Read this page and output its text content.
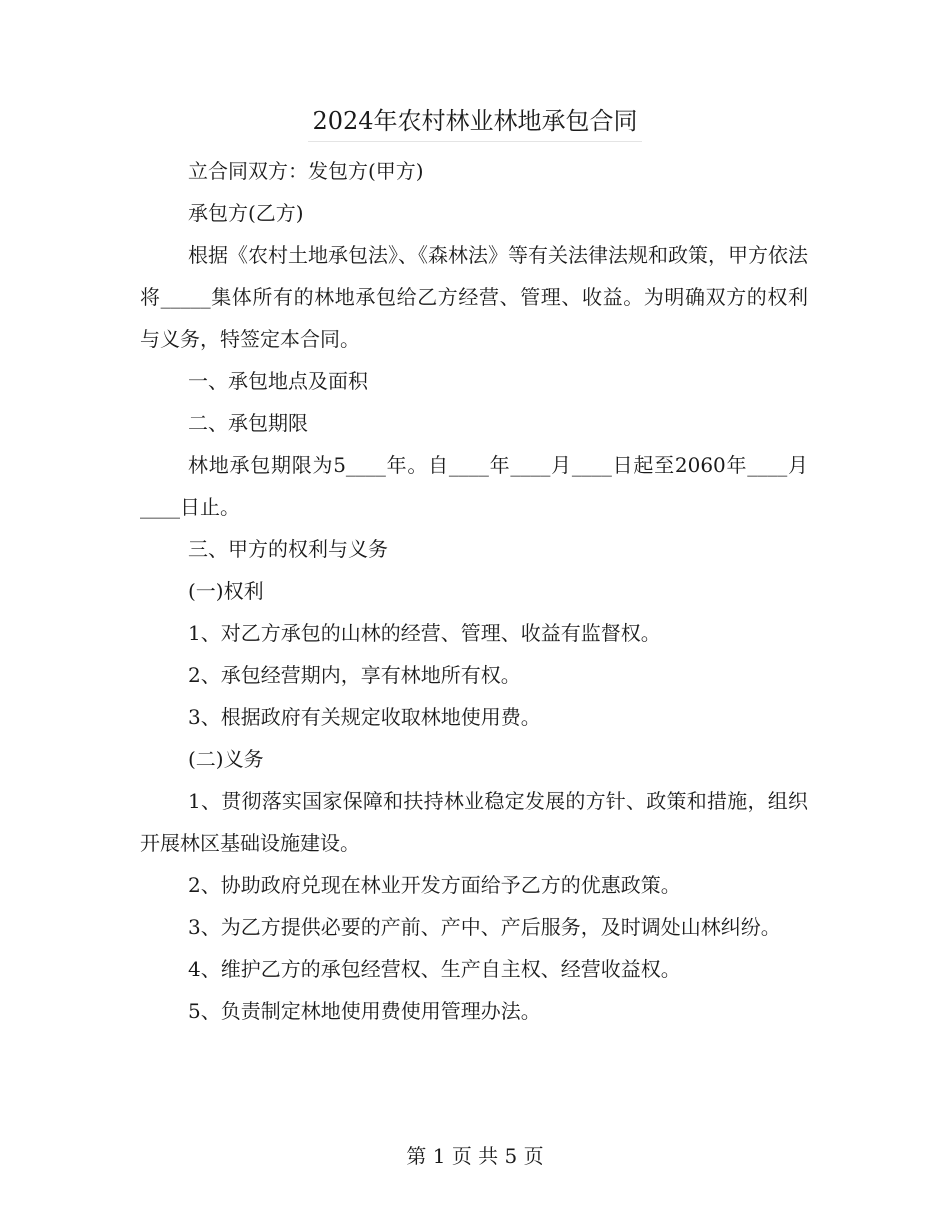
2024年农村林业林地承包合同

立合同双方：发包方(甲方)

承包方(乙方)

根据《农村土地承包法》、《森林法》等有关法律法规和政策，甲方依法将_____集体所有的林地承包给乙方经营、管理、收益。为明确双方的权利与义务，特签定本合同。

一、承包地点及面积

二、承包期限

林地承包期限为5____年。自____年____月____日起至2060年____月____日止。

三、甲方的权利与义务

(一)权利

1、对乙方承包的山林的经营、管理、收益有监督权。

2、承包经营期内，享有林地所有权。

3、根据政府有关规定收取林地使用费。

(二)义务

1、贯彻落实国家保障和扶持林业稳定发展的方针、政策和措施，组织开展林区基础设施建设。

2、协助政府兑现在林业开发方面给予乙方的优惠政策。

3、为乙方提供必要的产前、产中、产后服务，及时调处山林纠纷。

4、维护乙方的承包经营权、生产自主权、经营收益权。

5、负责制定林地使用费使用管理办法。

第 1 页 共 5 页
